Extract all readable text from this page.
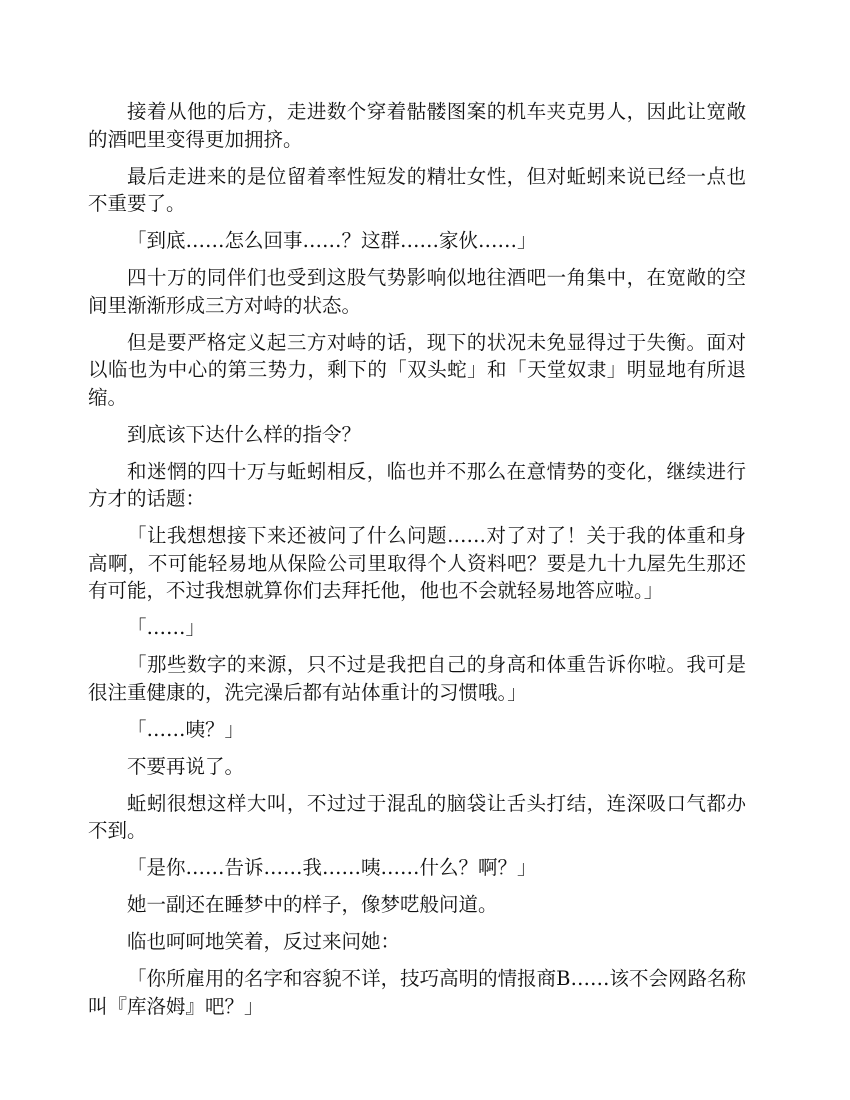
接着从他的后方，走进数个穿着骷髅图案的机车夹克男人，因此让宽敞的酒吧里变得更加拥挤。

最后走进来的是位留着率性短发的精壮女性，但对蚯蚓来说已经一点也不重要了。

「到底……怎么回事……？这群……家伙……」

四十万的同伴们也受到这股气势影响似地往酒吧一角集中，在宽敞的空间里渐渐形成三方对峙的状态。

但是要严格定义起三方对峙的话，现下的状况未免显得过于失衡。面对以临也为中心的第三势力，剩下的「双头蛇」和「天堂奴隶」明显地有所退缩。

到底该下达什么样的指令？

和迷惘的四十万与蚯蚓相反，临也并不那么在意情势的变化，继续进行方才的话题：

「让我想想接下来还被问了什么问题……对了对了！关于我的体重和身高啊，不可能轻易地从保险公司里取得个人资料吧？要是九十九屋先生那还有可能，不过我想就算你们去拜托他，他也不会就轻易地答应啦。」

「……」

「那些数字的来源，只不过是我把自己的身高和体重告诉你啦。我可是很注重健康的，洗完澡后都有站体重计的习惯哦。」

「……咦？」

不要再说了。

蚯蚓很想这样大叫，不过过于混乱的脑袋让舌头打结，连深吸口气都办不到。

「是你……告诉……我……咦……什么？啊？」

她一副还在睡梦中的样子，像梦呓般问道。

临也呵呵地笑着，反过来问她：

「你所雇用的名字和容貌不详，技巧高明的情报商B……该不会网路名称叫『库洛姆』吧？」
